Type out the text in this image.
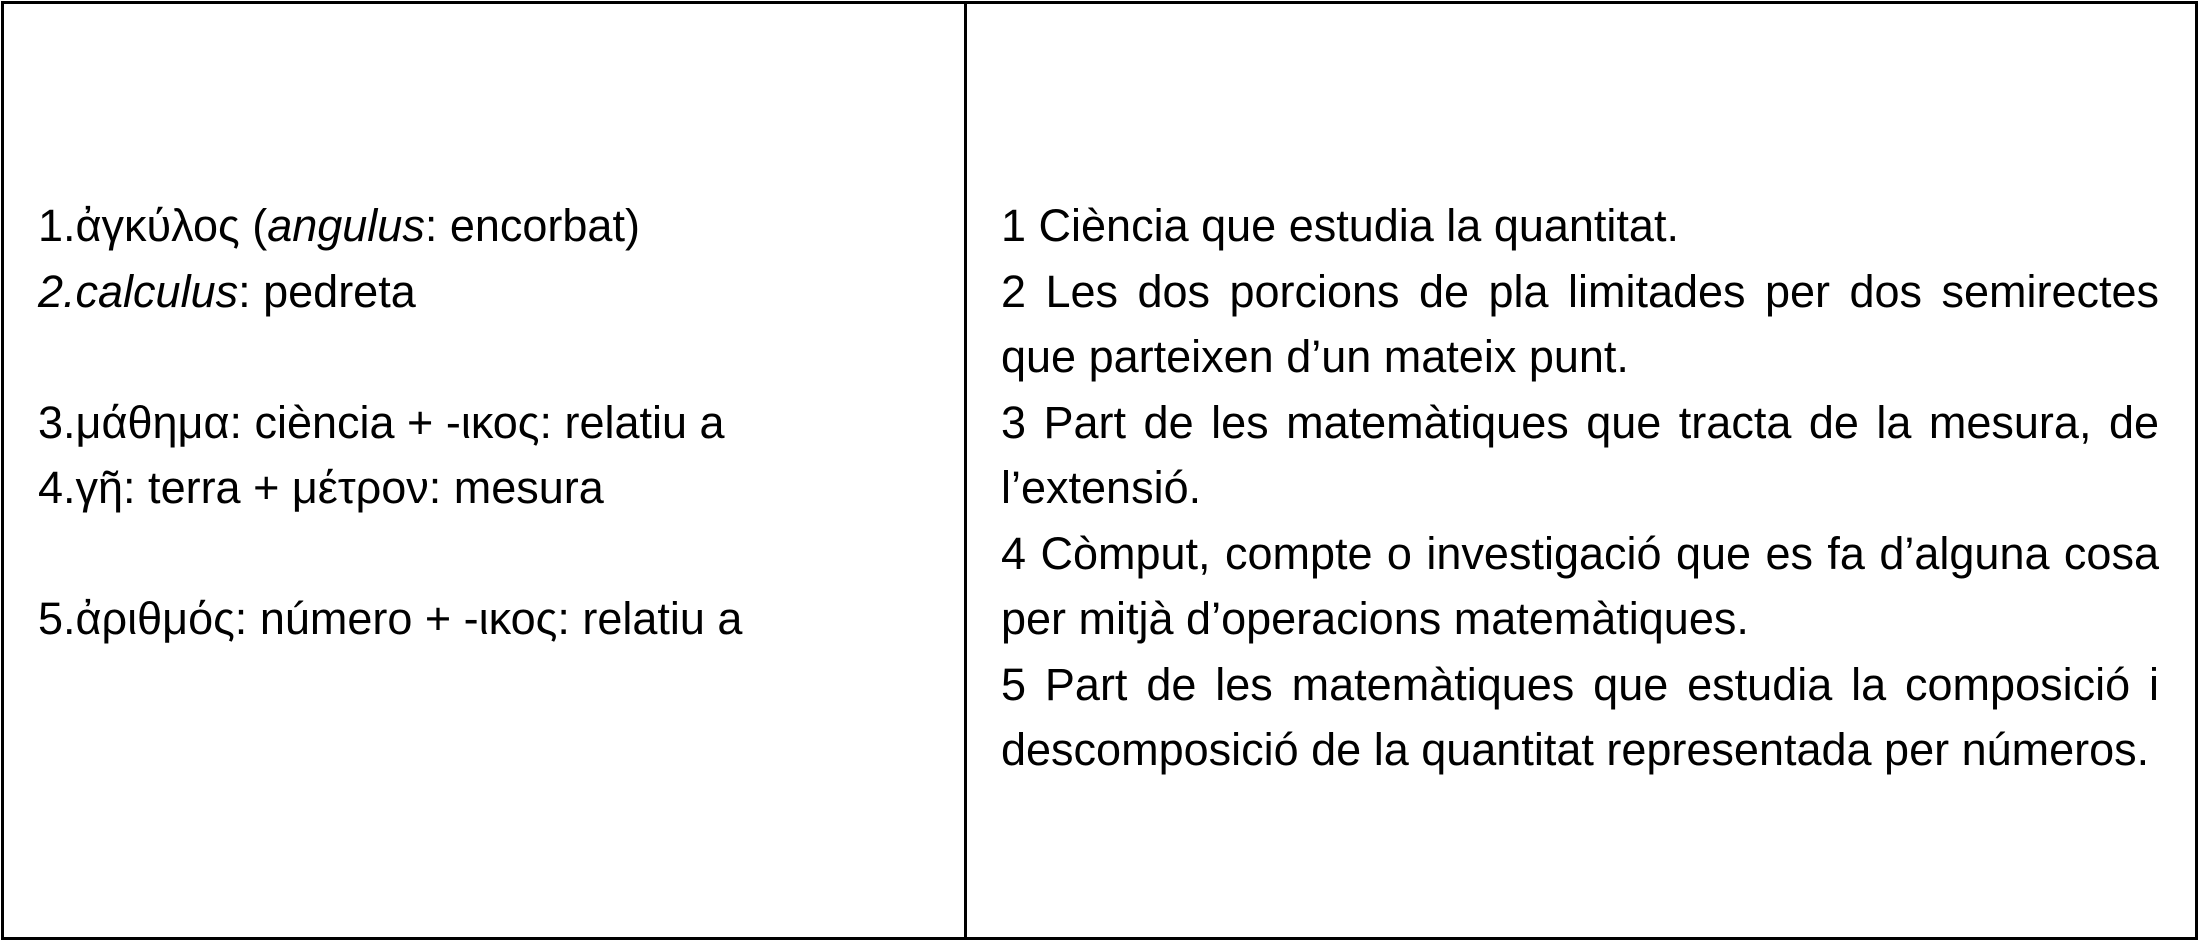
1.ἀγκύλος (angulus: encorbat)
2.calculus: pedreta
3.μάθημα: ciència + -ικος: relatiu a
4.γῆ: terra + μέτρον: mesura
5.ἀριθμός: número + -ικος: relatiu a
1 Ciència que estudia la quantitat.
2 Les dos porcions de pla limitades per dos semirectes que parteixen d’un mateix punt.
3 Part de les matemàtiques que tracta de la mesura, de l’extensió.
4 Còmput, compte o investigació que es fa d’alguna cosa per mitjà d’operacions matemàtiques.
5 Part de les matemàtiques que estudia la composició i descomposició de la quantitat representada per números.
